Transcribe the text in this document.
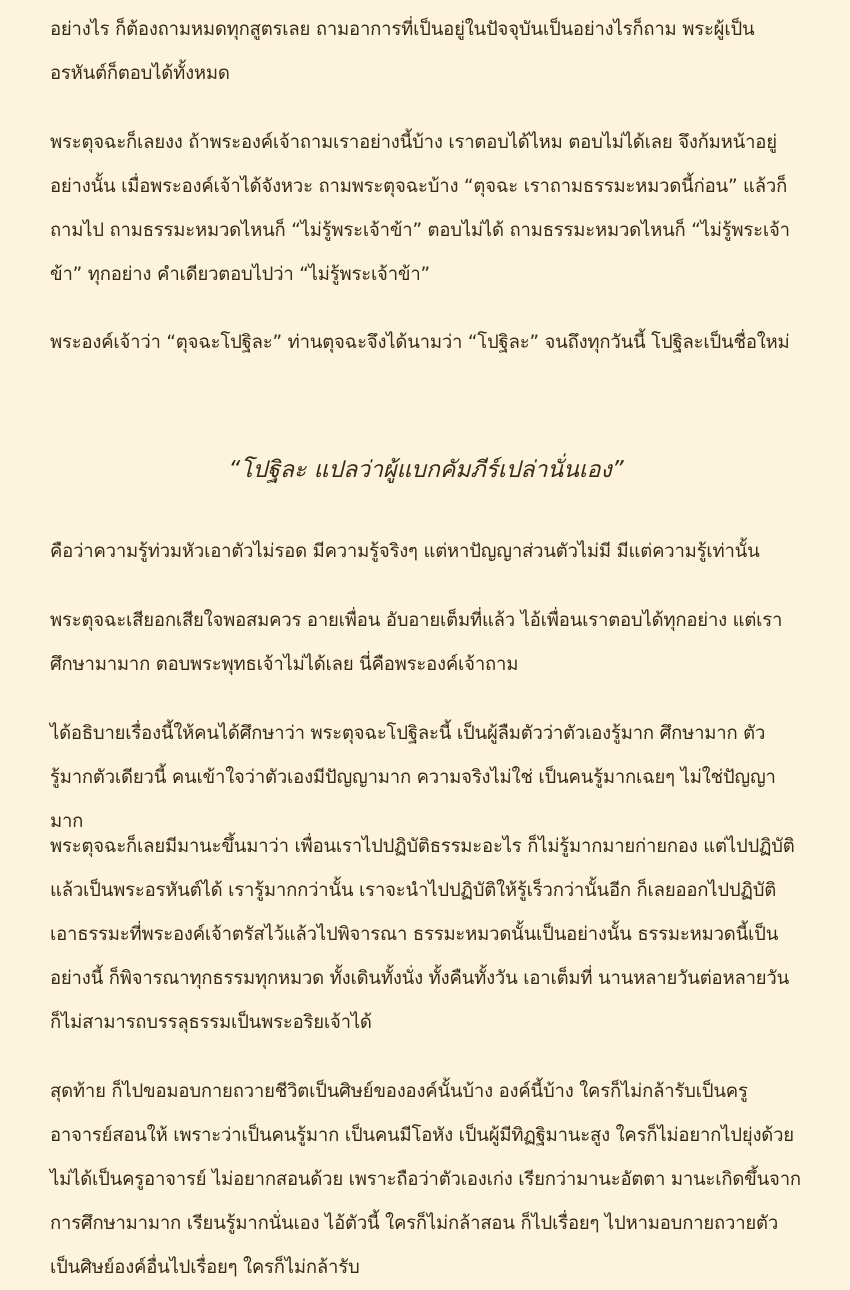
อย่างไร ก็ต้องถามหมดทุกสูตรเลย ถามอาการที่เป็นอยู่ในปัจจุบันเป็นอย่างไรก็ถาม พระผู้เป็นอรหันต์ก็ตอบได้ทั้งหมด

พระตุจฉะก็เลยงง ถ้าพระองค์เจ้าถามเราอย่างนี้บ้าง เราตอบได้ไหม ตอบไม่ได้เลย จึงก้มหน้าอยู่อย่างนั้น เมื่อพระองค์เจ้าได้จังหวะ ถามพระตุจฉะบ้าง “ตุจฉะ เราถามธรรมะหมวดนี้ก่อน” แล้วก็ถามไป ถามธรรมะหมวดไหนก็ “ไม่รู้พระเจ้าข้า” ตอบไม่ได้ ถามธรรมะหมวดไหนก็ “ไม่รู้พระเจ้าข้า” ทุกอย่าง คำเดียวตอบไปว่า “ไม่รู้พระเจ้าข้า”

พระองค์เจ้าว่า “ตุจฉะโปฐิละ” ท่านตุจฉะจึงได้นามว่า “โปฐิละ” จนถึงทุกวันนี้ โปฐิละเป็นชื่อใหม่

“โปฐิละ แปลว่าผู้แบกคัมภีร์เปล่านั่นเอง”

คือว่าความรู้ท่วมหัวเอาตัวไม่รอด มีความรู้จริงๆ แต่หาปัญญาส่วนตัวไม่มี มีแต่ความรู้เท่านั้น

พระตุจฉะเสียอกเสียใจพอสมควร อายเพื่อน อับอายเต็มที่แล้ว ไอ้เพื่อนเราตอบได้ทุกอย่าง แต่เราศึกษามามาก ตอบพระพุทธเจ้าไม่ได้เลย นี่คือพระองค์เจ้าถาม

ได้อธิบายเรื่องนี้ให้คนได้ศึกษาว่า พระตุจฉะโปฐิละนี้ เป็นผู้ลืมตัวว่าตัวเองรู้มาก ศึกษามาก ตัวรู้มากตัวเดียวนี้ คนเข้าใจว่าตัวเองมีปัญญามาก ความจริงไม่ใช่ เป็นคนรู้มากเฉยๆ ไม่ใช่ปัญญามาก

พระตุจฉะก็เลยมีมานะขึ้นมาว่า เพื่อนเราไปปฏิบัติธรรมะอะไร ก็ไม่รู้มากมายก่ายกอง แต่ไปปฏิบัติแล้วเป็นพระอรหันต์ได้ เรารู้มากกว่านั้น เราจะนำไปปฏิบัติให้รู้เร็วกว่านั้นอีก ก็เลยออกไปปฏิบัติ เอาธรรมะที่พระองค์เจ้าตรัสไว้แล้วไปพิจารณา ธรรมะหมวดนั้นเป็นอย่างนั้น ธรรมะหมวดนี้เป็นอย่างนี้ ก็พิจารณาทุกธรรมทุกหมวด ทั้งเดินทั้งนั่ง ทั้งคืนทั้งวัน เอาเต็มที่ นานหลายวันต่อหลายวัน ก็ไม่สามารถบรรลุธรรมเป็นพระอริยเจ้าได้

สุดท้าย ก็ไปขอมอบกายถวายชีวิตเป็นศิษย์ขององค์นั้นบ้าง องค์นี้บ้าง ใครก็ไม่กล้ารับเป็นครูอาจารย์สอนให้ เพราะว่าเป็นคนรู้มาก เป็นคนมีโอหัง เป็นผู้มีทิฏฐิมานะสูง ใครก็ไม่อยากไปยุ่งด้วย ไม่ได้เป็นครูอาจารย์ ไม่อยากสอนด้วย เพราะถือว่าตัวเองเก่ง เรียกว่ามานะอัตตา มานะเกิดขึ้นจากการศึกษามามาก เรียนรู้มากนั่นเอง ไอ้ตัวนี้ ใครก็ไม่กล้าสอน ก็ไปเรื่อยๆ ไปหามอบกายถวายตัวเป็นศิษย์องค์อื่นไปเรื่อยๆ ใครก็ไม่กล้ารับ
